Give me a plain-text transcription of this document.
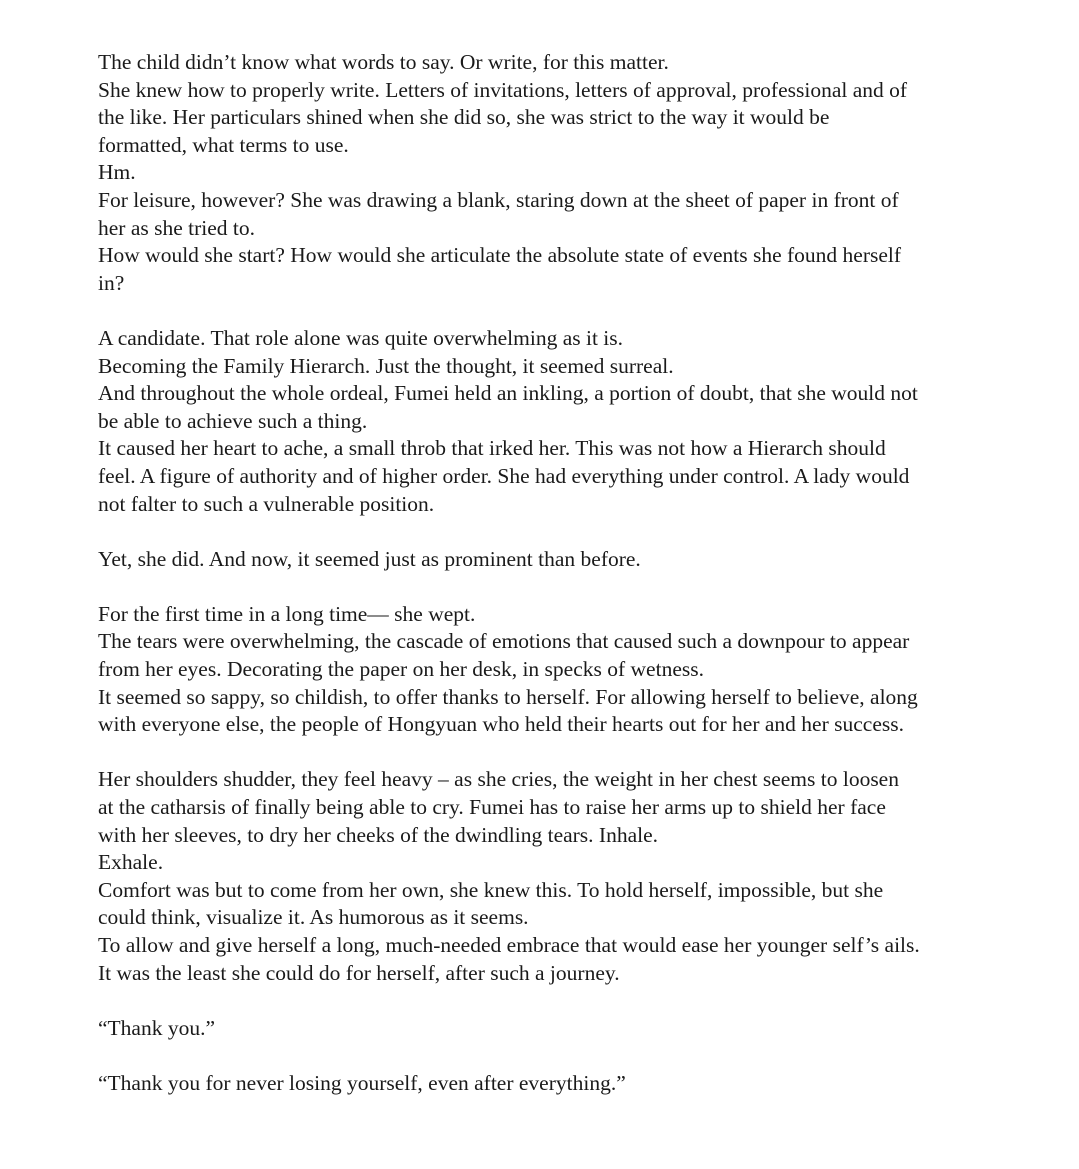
The child didn’t know what words to say. Or write, for this matter.

She knew how to properly write. Letters of invitations, letters of approval, professional and of

the like. Her particulars shined when she did so, she was strict to the way it would be

formatted, what terms to use.

Hm.

For leisure, however? She was drawing a blank, staring down at the sheet of paper in front of

her as she tried to.

How would she start? How would she articulate the absolute state of events she found herself

in?

A candidate. That role alone was quite overwhelming as it is.

Becoming the Family Hierarch. Just the thought, it seemed surreal.

And throughout the whole ordeal, Fumei held an inkling, a portion of doubt, that she would not

be able to achieve such a thing.

It caused her heart to ache, a small throb that irked her. This was not how a Hierarch should

feel. A figure of authority and of higher order. She had everything under control. A lady would

not falter to such a vulnerable position.

Yet, she did. And now, it seemed just as prominent than before.

For the first time in a long time— she wept.

The tears were overwhelming, the cascade of emotions that caused such a downpour to appear

from her eyes. Decorating the paper on her desk, in specks of wetness.

It seemed so sappy, so childish, to offer thanks to herself. For allowing herself to believe, along

with everyone else, the people of Hongyuan who held their hearts out for her and her success.

Her shoulders shudder, they feel heavy – as she cries, the weight in her chest seems to loosen

at the catharsis of finally being able to cry. Fumei has to raise her arms up to shield her face

with her sleeves, to dry her cheeks of the dwindling tears. Inhale.

Exhale.

Comfort was but to come from her own, she knew this. To hold herself, impossible, but she

could think, visualize it. As humorous as it seems.

To allow and give herself a long, much-needed embrace that would ease her younger self’s ails.

It was the least she could do for herself, after such a journey.

“Thank you.”

“Thank you for never losing yourself, even after everything.”
